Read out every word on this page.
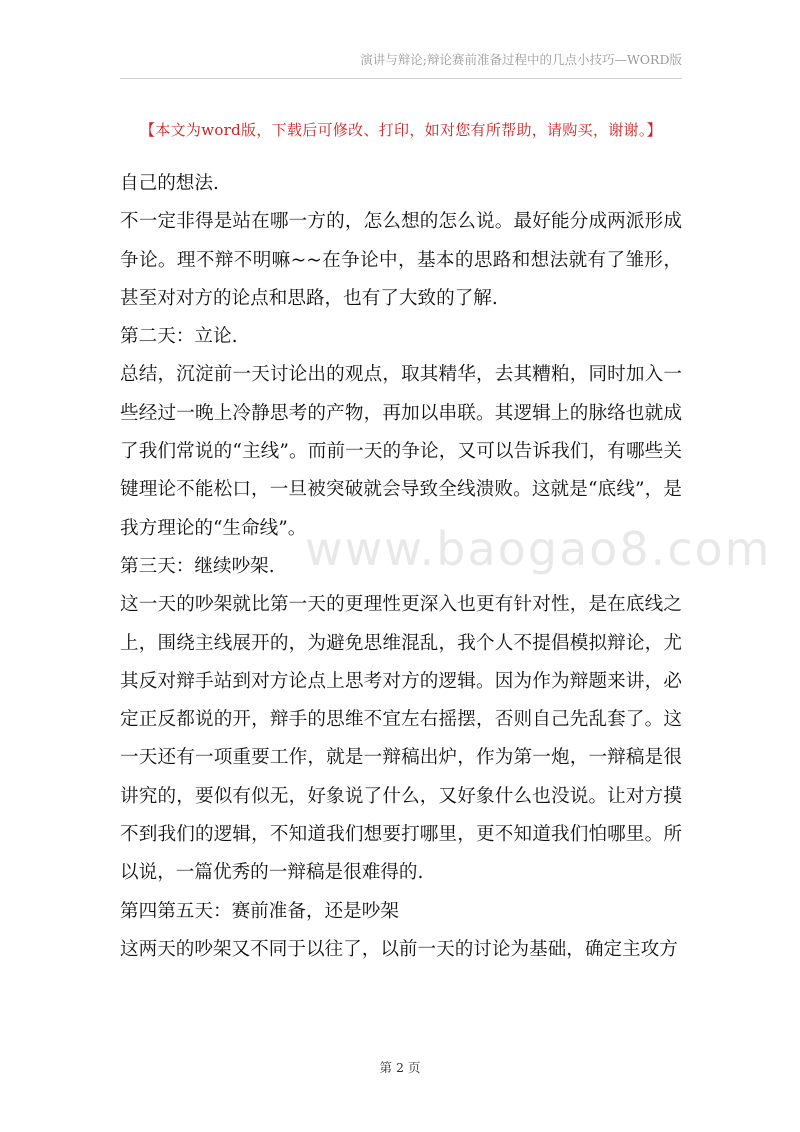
演讲与辩论;辩论赛前准备过程中的几点小技巧—WORD版
【本文为word版，下载后可修改、打印，如对您有所帮助，请购买，谢谢。】

自己的想法.

不一定非得是站在哪一方的，怎么想的怎么说。最好能分成两派形成争论。理不辩不明嘛~~在争论中，基本的思路和想法就有了雏形，甚至对对方的论点和思路，也有了大致的了解.

第二天：立论.

总结，沉淀前一天讨论出的观点，取其精华，去其糟粕，同时加入一些经过一晚上冷静思考的产物，再加以串联。其逻辑上的脉络也就成了我们常说的“主线”。而前一天的争论，又可以告诉我们，有哪些关键理论不能松口，一旦被突破就会导致全线溃败。这就是“底线”，是我方理论的“生命线”。

第三天：继续吵架.

这一天的吵架就比第一天的更理性更深入也更有针对性，是在底线之上，围绕主线展开的，为避免思维混乱，我个人不提倡模拟辩论，尤其反对辩手站到对方论点上思考对方的逻辑。因为作为辩题来讲，必定正反都说的开，辩手的思维不宜左右摇摆，否则自己先乱套了。这一天还有一项重要工作，就是一辩稿出炉，作为第一炮，一辩稿是很讲究的，要似有似无，好象说了什么，又好象什么也没说。让对方摸不到我们的逻辑，不知道我们想要打哪里，更不知道我们怕哪里。所以说，一篇优秀的一辩稿是很难得的.

第四第五天：赛前准备，还是吵架

这两天的吵架又不同于以往了，以前一天的讨论为基础，确定主攻方

www.baogao8.com
第 2 页
